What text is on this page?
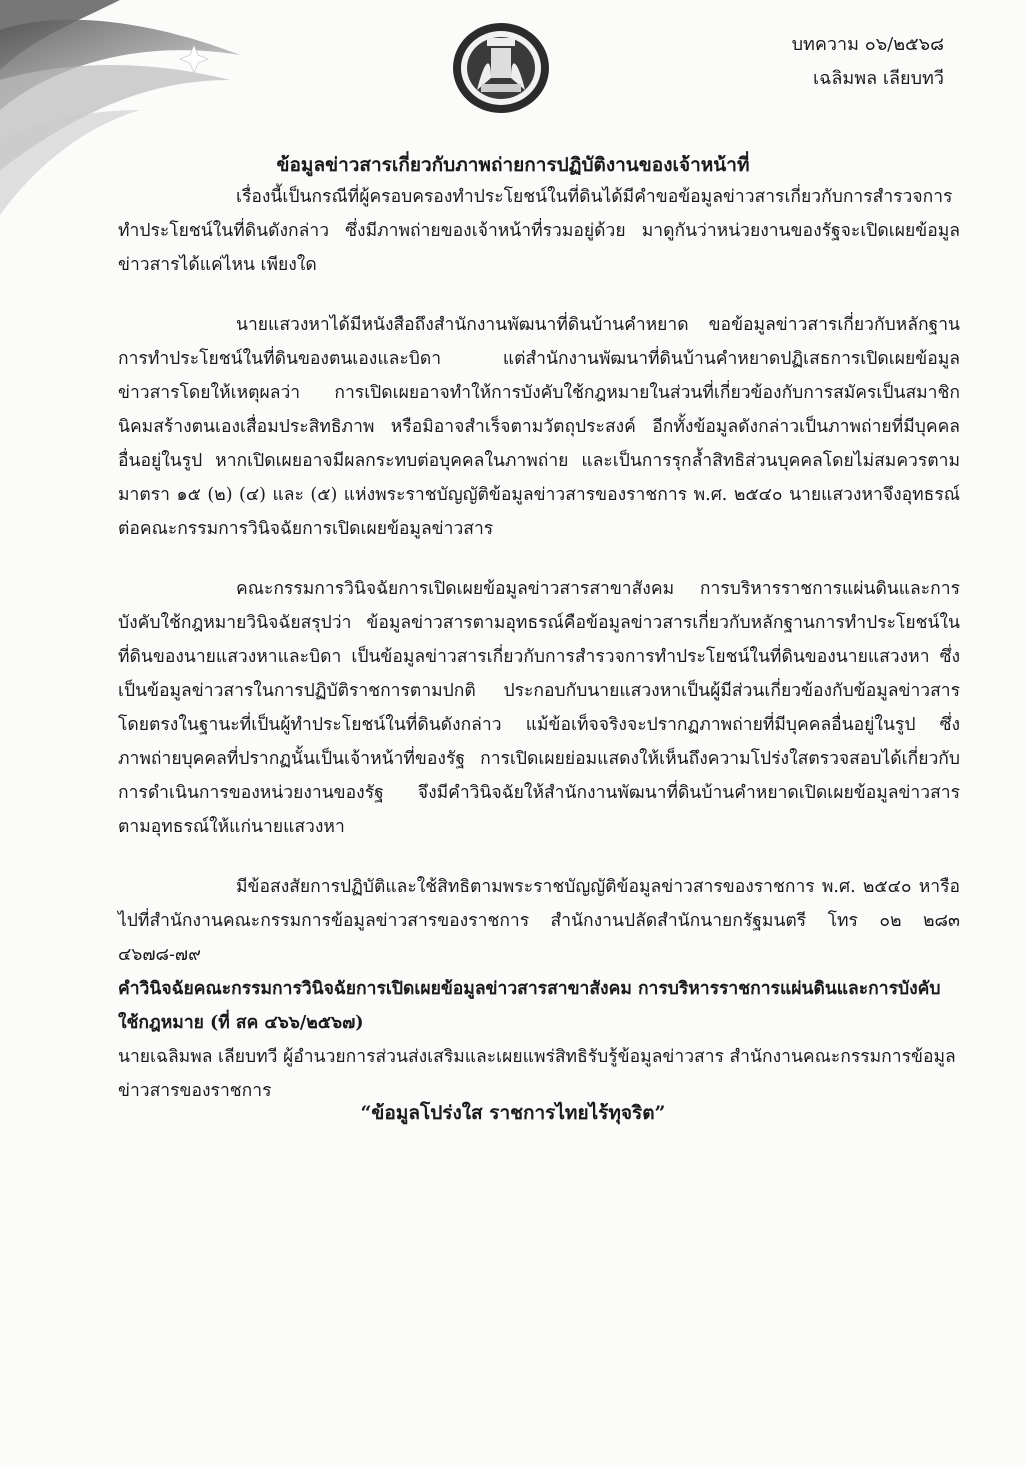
บทความ ๐๖/๒๕๖๘
เฉลิมพล เลียบทวี
ข้อมูลข่าวสารเกี่ยวกับภาพถ่ายการปฏิบัติงานของเจ้าหน้าที่

เรื่องนี้เป็นกรณีที่ผู้ครอบครองทำประโยชน์ในที่ดินได้มีคำขอข้อมูลข่าวสารเกี่ยวกับการสำรวจการทำประโยชน์ในที่ดินดังกล่าว ซึ่งมีภาพถ่ายของเจ้าหน้าที่รวมอยู่ด้วย มาดูกันว่าหน่วยงานของรัฐจะเปิดเผยข้อมูลข่าวสารได้แค่ไหน เพียงใด

นายแสวงหาได้มีหนังสือถึงสำนักงานพัฒนาที่ดินบ้านคำหยาด ขอข้อมูลข่าวสารเกี่ยวกับหลักฐานการทำประโยชน์ในที่ดินของตนเองและบิดา แต่สำนักงานพัฒนาที่ดินบ้านคำหยาดปฏิเสธการเปิดเผยข้อมูลข่าวสารโดยให้เหตุผลว่า การเปิดเผยอาจทำให้การบังคับใช้กฎหมายในส่วนที่เกี่ยวข้องกับการสมัครเป็นสมาชิกนิคมสร้างตนเองเสื่อมประสิทธิภาพ หรือมิอาจสำเร็จตามวัตถุประสงค์ อีกทั้งข้อมูลดังกล่าวเป็นภาพถ่ายที่มีบุคคลอื่นอยู่ในรูป หากเปิดเผยอาจมีผลกระทบต่อบุคคลในภาพถ่าย และเป็นการรุกล้ำสิทธิส่วนบุคคลโดยไม่สมควรตามมาตรา ๑๕ (๒) (๔) และ (๕) แห่งพระราชบัญญัติข้อมูลข่าวสารของราชการ พ.ศ. ๒๕๔๐ นายแสวงหาจึงอุทธรณ์ต่อคณะกรรมการวินิจฉัยการเปิดเผยข้อมูลข่าวสาร

คณะกรรมการวินิจฉัยการเปิดเผยข้อมูลข่าวสารสาขาสังคม การบริหารราชการแผ่นดินและการบังคับใช้กฎหมายวินิจฉัยสรุปว่า ข้อมูลข่าวสารตามอุทธรณ์คือข้อมูลข่าวสารเกี่ยวกับหลักฐานการทำประโยชน์ในที่ดินของนายแสวงหาและบิดา เป็นข้อมูลข่าวสารเกี่ยวกับการสำรวจการทำประโยชน์ในที่ดินของนายแสวงหา ซึ่งเป็นข้อมูลข่าวสารในการปฏิบัติราชการตามปกติ ประกอบกับนายแสวงหาเป็นผู้มีส่วนเกี่ยวข้องกับข้อมูลข่าวสารโดยตรงในฐานะที่เป็นผู้ทำประโยชน์ในที่ดินดังกล่าว แม้ข้อเท็จจริงจะปรากฏภาพถ่ายที่มีบุคคลอื่นอยู่ในรูป ซึ่งภาพถ่ายบุคคลที่ปรากฏนั้นเป็นเจ้าหน้าที่ของรัฐ การเปิดเผยย่อมแสดงให้เห็นถึงความโปร่งใสตรวจสอบได้เกี่ยวกับการดำเนินการของหน่วยงานของรัฐ จึงมีคำวินิจฉัยให้สำนักงานพัฒนาที่ดินบ้านคำหยาดเปิดเผยข้อมูลข่าวสารตามอุทธรณ์ให้แก่นายแสวงหา

มีข้อสงสัยการปฏิบัติและใช้สิทธิตามพระราชบัญญัติข้อมูลข่าวสารของราชการ พ.ศ. ๒๕๔๐ หารือไปที่สำนักงานคณะกรรมการข้อมูลข่าวสารของราชการ สำนักงานปลัดสำนักนายกรัฐมนตรี โทร ๐๒ ๒๘๓ ๔๖๗๘-๗๙

คำวินิจฉัยคณะกรรมการวินิจฉัยการเปิดเผยข้อมูลข่าวสารสาขาสังคม การบริหารราชการแผ่นดินและการบังคับใช้กฎหมาย (ที่ สค ๔๖๖/๒๕๖๗)

นายเฉลิมพล เลียบทวี ผู้อำนวยการส่วนส่งเสริมและเผยแพร่สิทธิรับรู้ข้อมูลข่าวสาร สำนักงานคณะกรรมการข้อมูลข่าวสารของราชการ

“ข้อมูลโปร่งใส ราชการไทยไร้ทุจริต”
